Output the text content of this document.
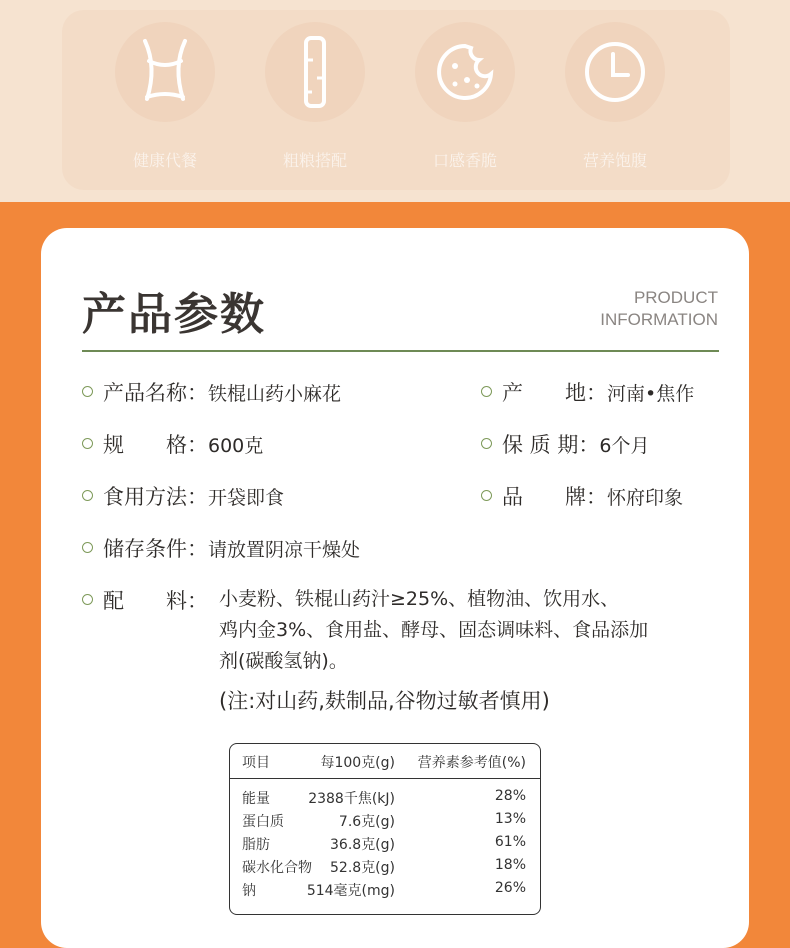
健康代餐	粗粮搭配	口感香脆	营养饱腹
产品参数	PRODUCT
INFORMATION
产品名称：铁棍山药小麻花	产　　地：河南•焦作
规　　格：600克	保 质 期：6个月
食用方法：开袋即食	品　　牌：怀府印象
储存条件：请放置阴凉干燥处
配　　料： 小麦粉、铁棍山药汁≥25%、植物油、饮用水、
鸡内金3%、食用盐、酵母、固态调味料、食品添加
剂(碳酸氢钠)。
(注:对山药,麸制品,谷物过敏者慎用)
项目	每100克(g) 营养素参考值(%)
能量	2388千焦(kJ)	28%
蛋白质	7.6克(g)	13%
脂肪	36.8克(g)	61%
碳水化合物 52.8克(g)	18%
钠	514毫克(mg)	26%
